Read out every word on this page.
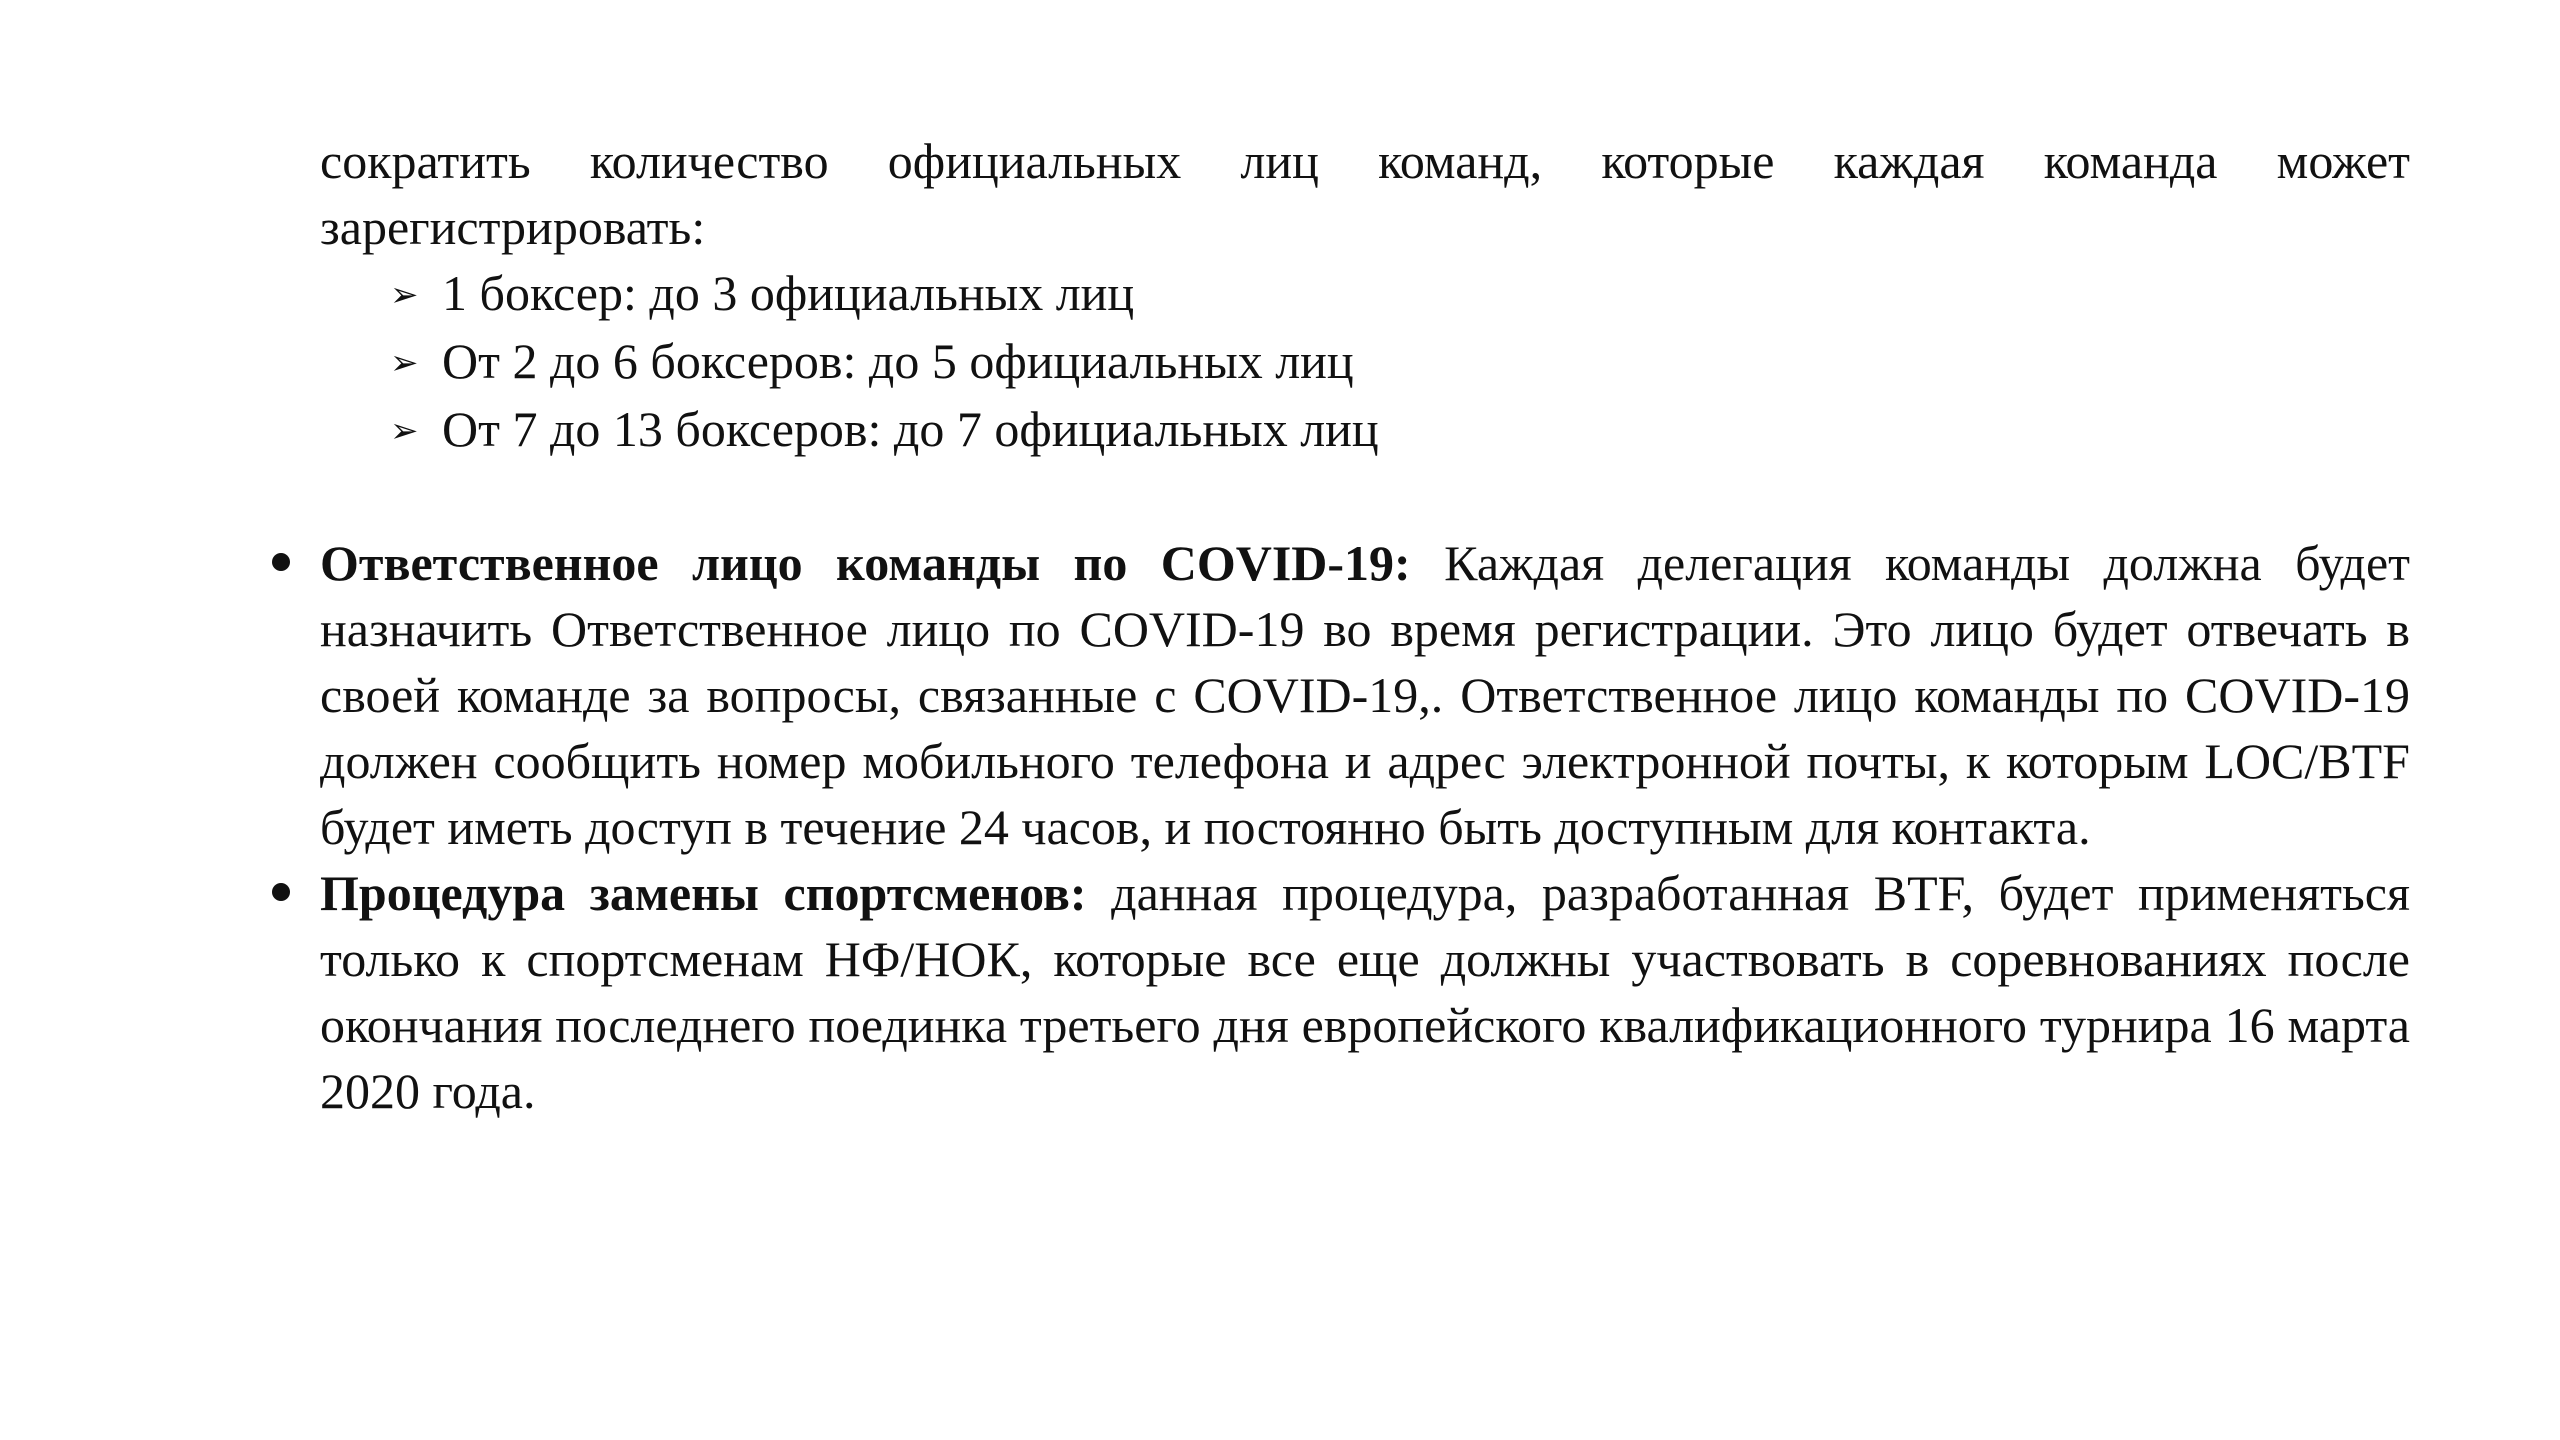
сократить количество официальных лиц команд, которые каждая команда может зарегистрировать:

➢ 1 боксер: до 3 официальных лиц
➢ От 2 до 6 боксеров: до 5 официальных лиц
➢ От 7 до 13 боксеров: до 7 официальных лиц
Ответственное лицо команды по COVID-19: Каждая делегация команды должна будет назначить Ответственное лицо по COVID-19 во время регистрации. Это лицо будет отвечать в своей команде за вопросы, связанные с COVID-19,. Ответственное лицо команды по COVID-19 должен сообщить номер мобильного телефона и адрес электронной почты, к которым LOC/BTF будет иметь доступ в течение 24 часов, и постоянно быть доступным для контакта.
Процедура замены спортсменов: данная процедура, разработанная BTF, будет применяться только к спортсменам НФ/НОК, которые все еще должны участвовать в соревнованиях после окончания последнего поединка третьего дня европейского квалификационного турнира 16 марта 2020 года.
